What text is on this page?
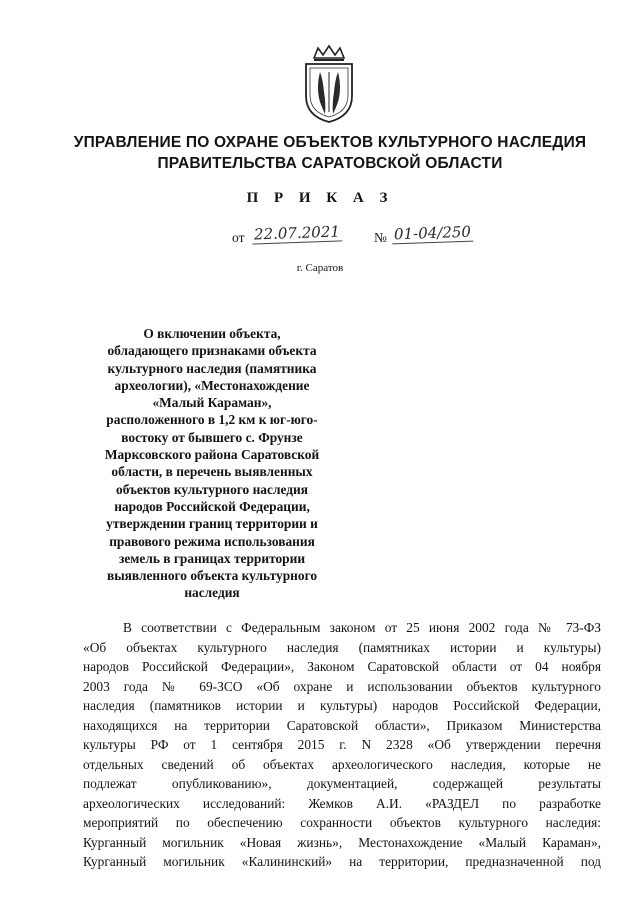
УПРАВЛЕНИЕ ПО ОХРАНЕ ОБЪЕКТОВ КУЛЬТУРНОГО НАСЛЕДИЯ
ПРАВИТЕЛЬСТВА САРАТОВСКОЙ ОБЛАСТИ
П Р И К А З
от 22.07.2021	№ 01-04/250
г. Саратов
О включении объекта,
обладающего признаками объекта
культурного наследия (памятника
археологии), «Местонахождение
«Малый Караман»,
расположенного в 1,2 км к юг-юго-
востоку от бывшего с. Фрунзе
Марксовского района Саратовской
области, в перечень выявленных
объектов культурного наследия
народов Российской Федерации,
утверждении границ территории и
правового режима использования
земель в границах территории
выявленного объекта культурного
наследия
В соответствии с Федеральным законом от 25 июня 2002 года № 73-ФЗ
«Об объектах культурного наследия (памятниках истории и культуры)
народов Российской Федерации», Законом Саратовской области от 04 ноября
2003 года № 69-ЗСО «Об охране и использовании объектов культурного
наследия (памятников истории и культуры) народов Российской Федерации,
находящихся на территории Саратовской области», Приказом Министерства
культуры РФ от 1 сентября 2015 г. N 2328 «Об утверждении перечня
отдельных сведений об объектах археологического наследия, которые не
подлежат опубликованию», документацией, содержащей результаты
археологических исследований: Жемков А.И. «РАЗДЕЛ по разработке
мероприятий по обеспечению сохранности объектов культурного наследия:
Курганный могильник «Новая жизнь», Местонахождение «Малый Караман»,
Курганный могильник «Калининский» на территории, предназначенной под
